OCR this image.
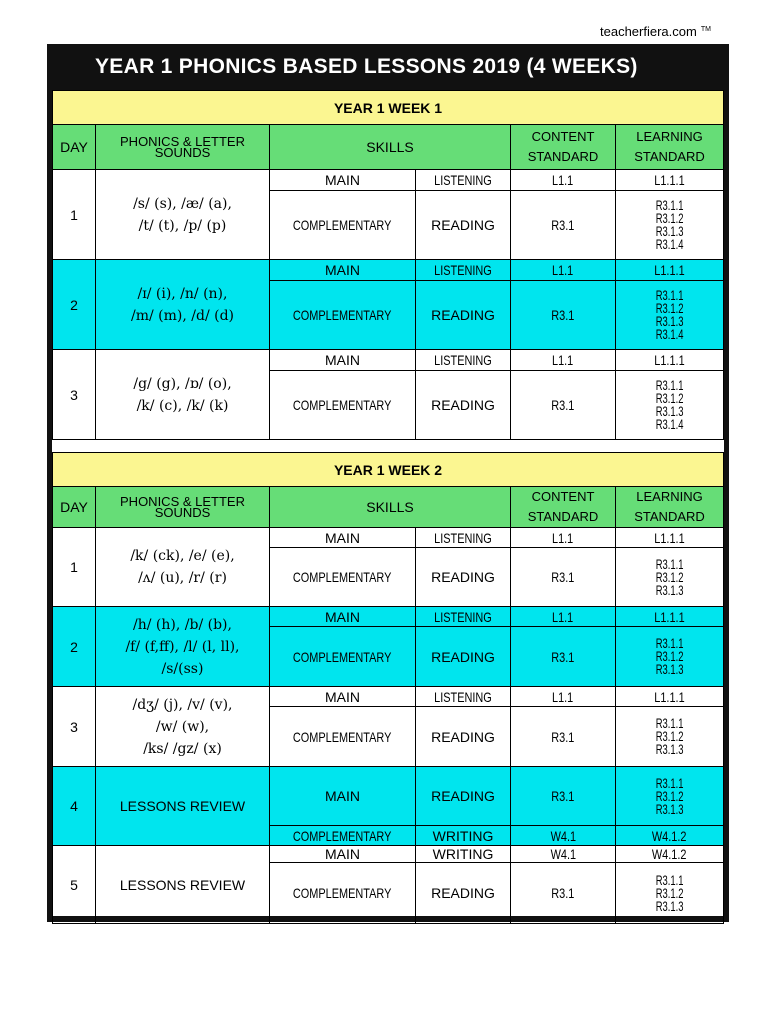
teacherfiera.com ™
YEAR 1 PHONICS BASED LESSONS 2019 (4 WEEKS)
YEAR 1 WEEK 1					
DAY	PHONICS & LETTER
SOUNDS	SKILLS		CONTENT
STANDARD	LEARNING
STANDARD
1	/s/ (s), /æ/ (a),
/t/ (t), /p/ (p)	MAIN	LISTENING	L1.1	L1.1.1
		COMPLEMENTARY	READING	R3.1	R3.1.1
R3.1.2
R3.1.3
R3.1.4
2	/ɪ/ (i), /n/ (n),
/m/ (m), /d/ (d)	MAIN	LISTENING	L1.1	L1.1.1
		COMPLEMENTARY	READING	R3.1	R3.1.1
R3.1.2
R3.1.3
R3.1.4
3	/g/ (g), /ɒ/ (o),
/k/ (c), /k/ (k)	MAIN	LISTENING	L1.1	L1.1.1
		COMPLEMENTARY	READING	R3.1	R3.1.1
R3.1.2
R3.1.3
R3.1.4
YEAR 1 WEEK 2					
DAY	PHONICS & LETTER
SOUNDS	SKILLS		CONTENT
STANDARD	LEARNING
STANDARD
1	/k/ (ck), /e/ (e),
/ʌ/ (u), /r/ (r)	MAIN	LISTENING	L1.1	L1.1.1
		COMPLEMENTARY	READING	R3.1	R3.1.1
R3.1.2
R3.1.3
2	/h/ (h), /b/ (b),
/f/ (f,ff), /l/ (l, ll),
/s/(ss)	MAIN	LISTENING	L1.1	L1.1.1
		COMPLEMENTARY	READING	R3.1	R3.1.1
R3.1.2
R3.1.3
3	/dʒ/ (j), /v/ (v),
/w/ (w),
/ks/ /gz/ (x)	MAIN	LISTENING	L1.1	L1.1.1
		COMPLEMENTARY	READING	R3.1	R3.1.1
R3.1.2
R3.1.3
4	LESSONS REVIEW	MAIN	READING	R3.1	R3.1.1
R3.1.2
R3.1.3
		COMPLEMENTARY	WRITING	W4.1	W4.1.2
5	LESSONS REVIEW	MAIN	WRITING	W4.1	W4.1.2
		COMPLEMENTARY	READING	R3.1	R3.1.1
R3.1.2
R3.1.3
